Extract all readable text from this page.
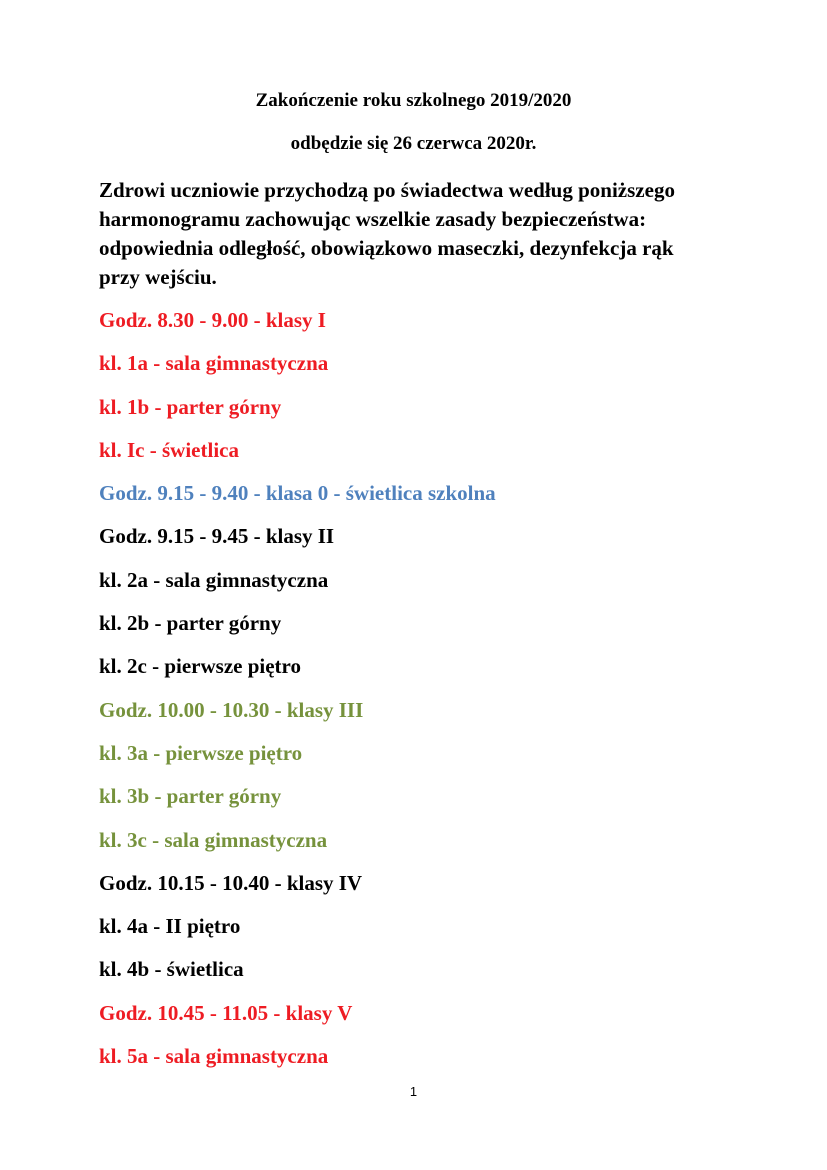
Zakończenie roku szkolnego 2019/2020
odbędzie się 26 czerwca 2020r.

Zdrowi uczniowie przychodzą po świadectwa według poniższego
harmonogramu zachowując wszelkie zasady bezpieczeństwa:
odpowiednia odległość, obowiązkowo maseczki, dezynfekcja rąk
przy wejściu.

Godz. 8.30 - 9.00 - klasy I
kl. 1a - sala gimnastyczna
kl. 1b - parter górny
kl. Ic - świetlica
Godz. 9.15 - 9.40 - klasa 0 - świetlica szkolna
Godz. 9.15 - 9.45 - klasy II
kl. 2a - sala gimnastyczna
kl. 2b - parter górny
kl. 2c - pierwsze piętro
Godz. 10.00 - 10.30 - klasy III
kl. 3a - pierwsze piętro
kl. 3b - parter górny
kl. 3c - sala gimnastyczna
Godz. 10.15 - 10.40 - klasy IV
kl. 4a - II piętro
kl. 4b - świetlica
Godz. 10.45 - 11.05 - klasy V
kl. 5a - sala gimnastyczna
1
